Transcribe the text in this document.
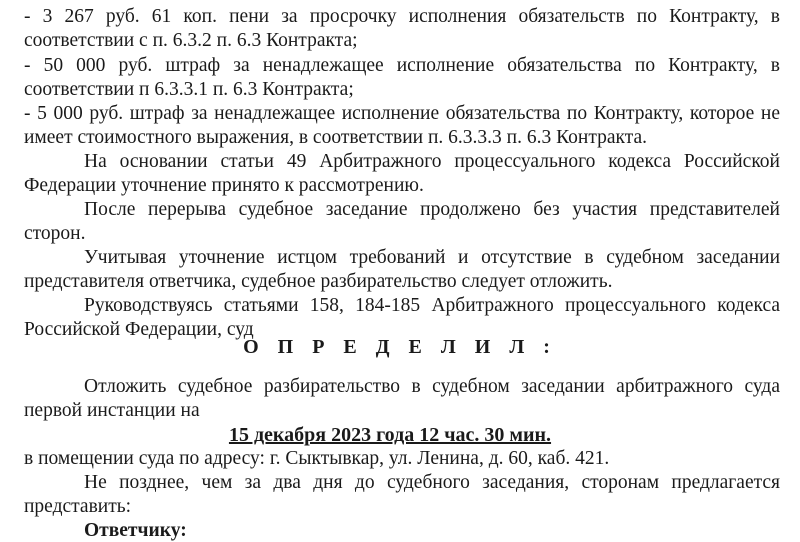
- 3 267 руб. 61 коп. пени за просрочку исполнения обязательств по Контракту, в
соответствии с п. 6.3.2 п. 6.3 Контракта;
- 50 000 руб. штраф за ненадлежащее исполнение обязательства по Контракту, в
соответствии п 6.3.3.1 п. 6.3 Контракта;
- 5 000 руб. штраф за ненадлежащее исполнение обязательства по Контракту, которое не
имеет стоимостного выражения, в соответствии п. 6.3.3.3 п. 6.3 Контракта.
На основании статьи 49 Арбитражного процессуального кодекса Российской
Федерации уточнение принято к рассмотрению.
После перерыва судебное заседание продолжено без участия представителей
сторон.
Учитывая уточнение истцом требований и отсутствие в судебном заседании
представителя ответчика, судебное разбирательство следует отложить.
Руководствуясь статьями 158, 184-185 Арбитражного процессуального кодекса
Российской Федерации, суд
О П Р Е Д Е Л И Л :
Отложить судебное разбирательство в судебном заседании арбитражного суда
первой инстанции на
15 декабря 2023 года 12 час. 30 мин.
в помещении суда по адресу: г. Сыктывкар, ул. Ленина, д. 60, каб. 421.
Не позднее, чем за два дня до судебного заседания, сторонам предлагается
представить:
Ответчику:
